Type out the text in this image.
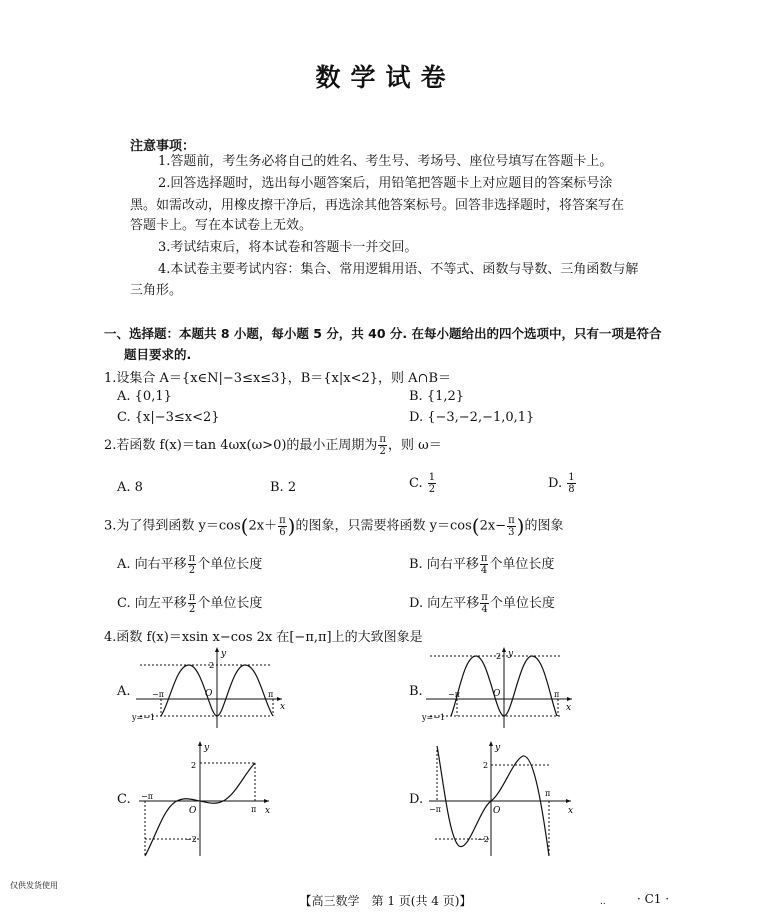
数学试卷
注意事项：
1.答题前，考生务必将自己的姓名、考生号、考场号、座位号填写在答题卡上。
2.回答选择题时，选出每小题答案后，用铅笔把答题卡上对应题目的答案标号涂
黑。如需改动，用橡皮擦干净后，再选涂其他答案标号。回答非选择题时，将答案写在
答题卡上。写在本试卷上无效。
3.考试结束后，将本试卷和答题卡一并交回。
4.本试卷主要考试内容：集合、常用逻辑用语、不等式、函数与导数、三角函数与解
三角形。
一、选择题：本题共 8 小题，每小题 5 分，共 40 分. 在每小题给出的四个选项中，只有一项是符合
题目要求的.
1.设集合 A＝{x∈N|−3≤x≤3}，B＝{x|x<2}，则 A∩B＝
A. {0,1}	B. {1,2}
C. {x|−3≤x<2}	D. {−3,−2,−1,0,1}
2.若函数 f(x)＝tan 4ωx(ω>0)的最小正周期为 $\frac{\pi}{2}$ ，则 ω＝
A. 8	B. 2	C. $\frac{1}{2}$	D. $\frac{1}{8}$
3.为了得到函数 $y=\cos(2x+ \frac{\pi}{6}$ )的图象，只需要将函数 $y=\cos(2x- \frac{\pi}{3}$ )的图象
A. 向右平移 $\frac{\pi}{2}$ 个单位长度	B. 向右平移 $\frac{\pi}{4}$ 个单位长度
C. 向左平移 $\frac{\pi}{2}$ 个单位长度	D. 向左平移 $\frac{\pi}{4}$ 个单位长度
4.函数 f(x)＝xsin x−cos 2x 在[−π,π]上的大致图象是
A.	B.
C.	D.
y
x
O
2
−π	π
y=−1
y
x
O
2
−π	π
y=−1
y
x
O
2
−2
−π
π
y
x
O
2
−2
−π
π
仅供发货使用
【高三数学　第 1 页(共 4 页)】	..	· C1 ·
